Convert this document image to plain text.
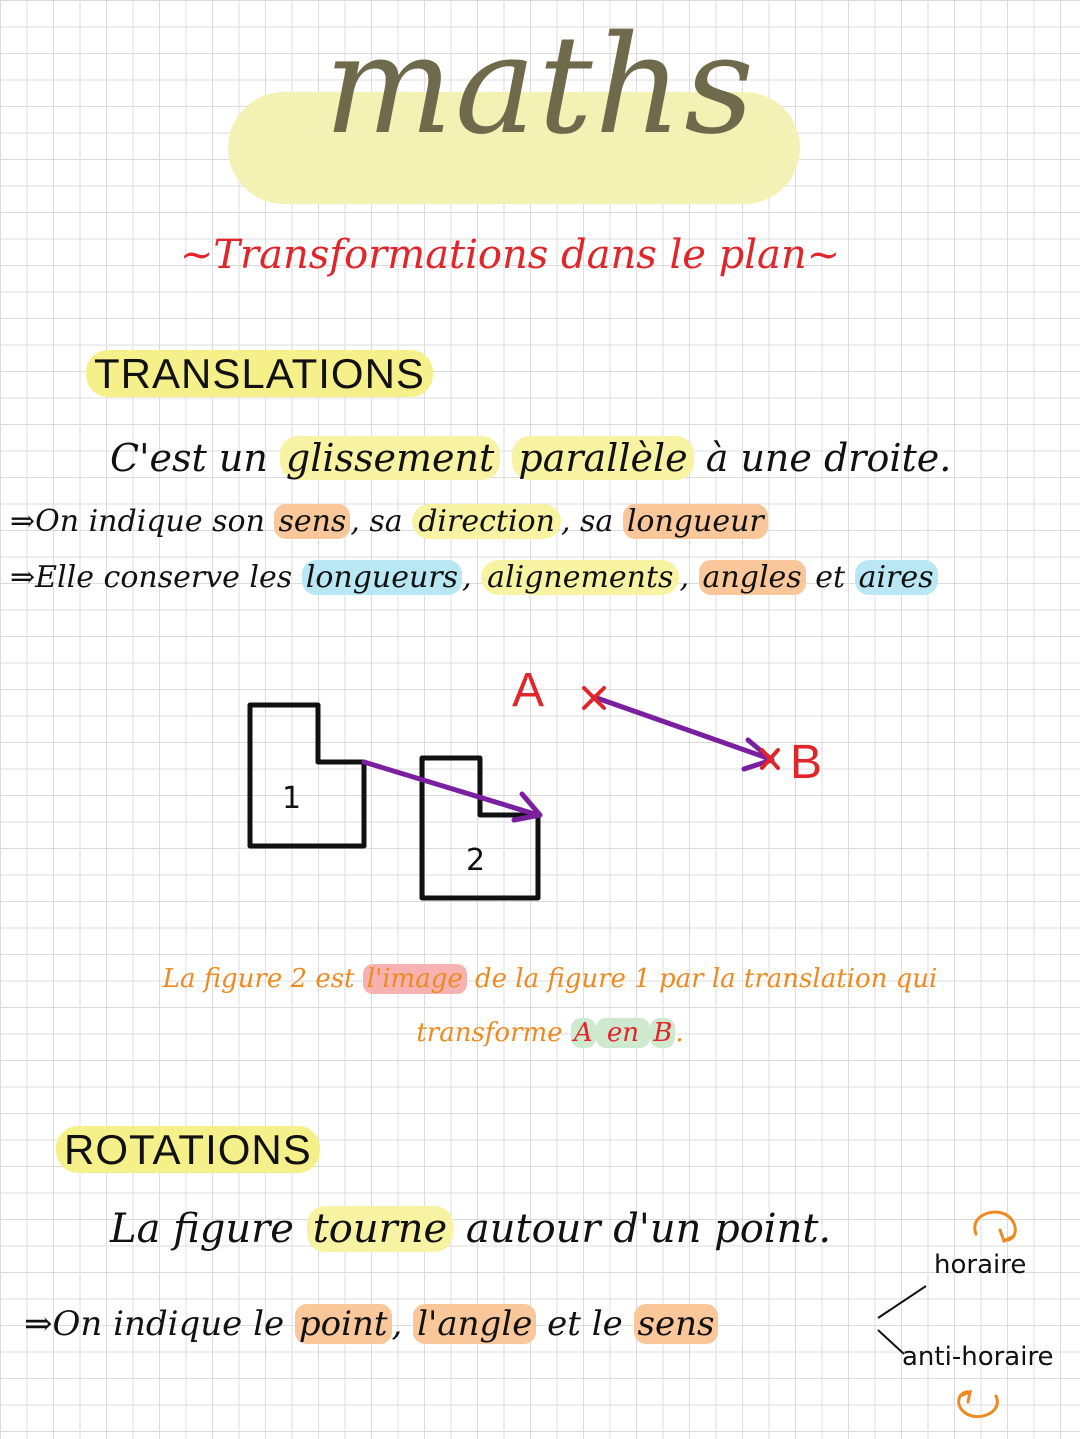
maths
~Transformations dans le plan~
TRANSLATIONS
C'est un glissement parallèle à une droite.
⇒On indique son sens , sa direction , sa longueur
⇒Elle conserve les longueurs , alignements , angles et aires
A
B
1
2
La figure 2 est l'image de la figure 1 par la translation qui
transforme A en B .
ROTATIONS
La figure tourne autour d'un point.
⇒On indique le point , l'angle et le sens
horaire
anti-horaire
